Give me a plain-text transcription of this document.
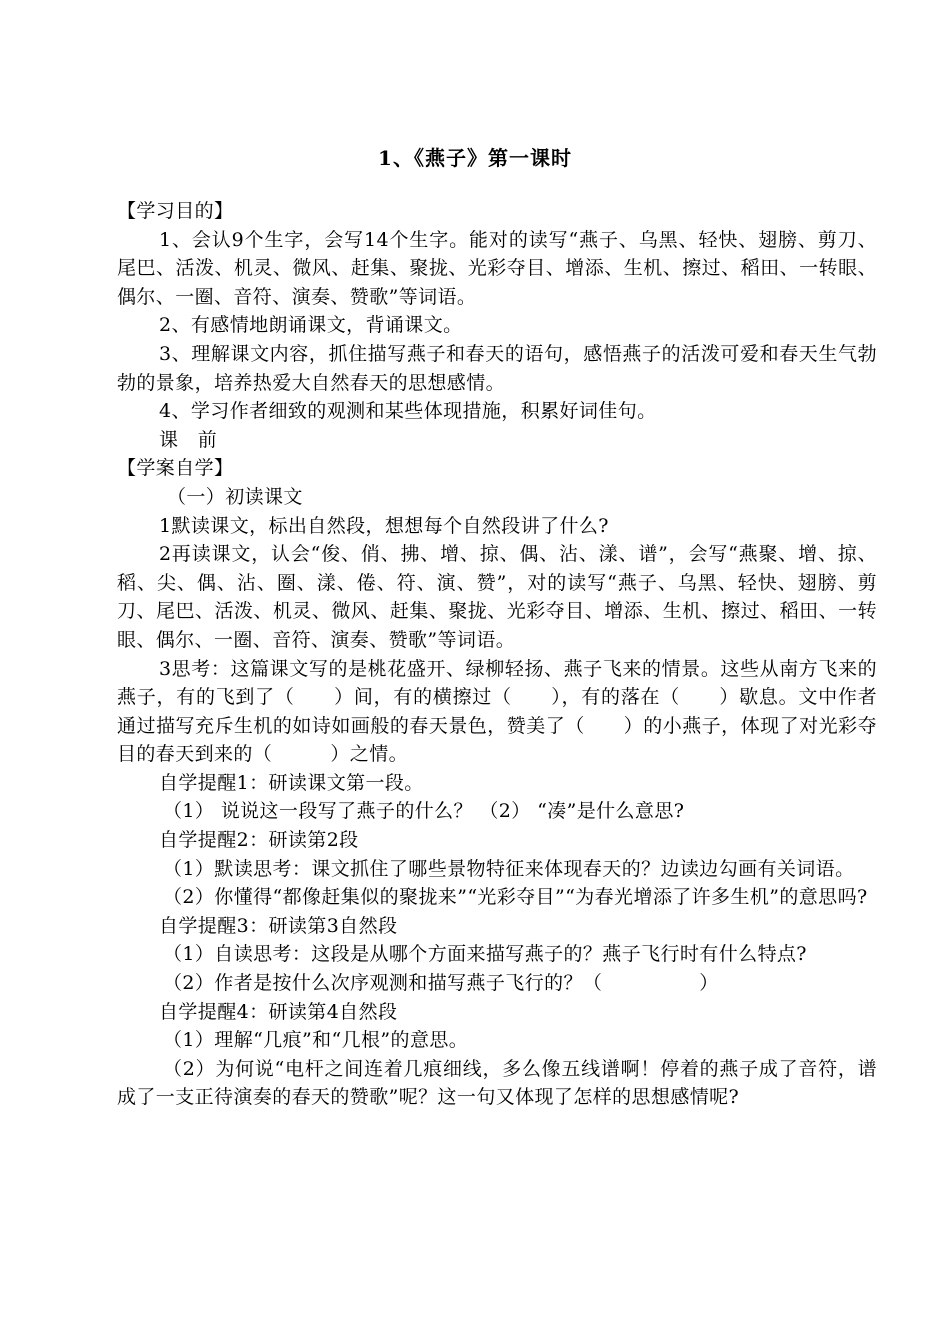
1、《燕子》第一课时

【学习目的】

1、会认9个生字，会写14个生字。能对的读写“燕子、乌黑、轻快、翅膀、剪刀、尾巴、活泼、机灵、微风、赶集、聚拢、光彩夺目、增添、生机、擦过、稻田、一转眼、偶尔、一圈、音符、演奏、赞歌”等词语。

2、有感情地朗诵课文，背诵课文。

3、理解课文内容，抓住描写燕子和春天的语句，感悟燕子的活泼可爱和春天生气勃勃的景象，培养热爱大自然春天的思想感情。

4、学习作者细致的观测和某些体现措施，积累好词佳句。

课　前

【学案自学】

（一）初读课文

1默读课文，标出自然段，想想每个自然段讲了什么?

2再读课文，认会“俊、俏、拂、增、掠、偶、沾、漾、谱”，会写“燕聚、增、掠、稻、尖、偶、沾、圈、漾、倦、符、演、赞”，对的读写“燕子、乌黑、轻快、翅膀、剪刀、尾巴、活泼、机灵、微风、赶集、聚拢、光彩夺目、增添、生机、擦过、稻田、一转眼、偶尔、一圈、音符、演奏、赞歌”等词语。

3思考：这篇课文写的是桃花盛开、绿柳轻扬、燕子飞来的情景。这些从南方飞来的燕子，有的飞到了（　　）间，有的横擦过（　　），有的落在（　　）歇息。文中作者通过描写充斥生机的如诗如画般的春天景色，赞美了（　　）的小燕子，体现了对光彩夺目的春天到来的（　　　）之情。

自学提醒1：研读课文第一段。

（1） 说说这一段写了燕子的什么？ （2） “凑”是什么意思?

自学提醒2：研读第2段

（1）默读思考：课文抓住了哪些景物特征来体现春天的？边读边勾画有关词语。

（2）你懂得“都像赶集似的聚拢来”“光彩夺目”“为春光增添了许多生机”的意思吗?

自学提醒3：研读第3自然段

（1）自读思考：这段是从哪个方面来描写燕子的？燕子飞行时有什么特点?

（2）作者是按什么次序观测和描写燕子飞行的？（　　　　　）

自学提醒4：研读第4自然段

（1）理解“几痕”和“几根”的意思。

（2）为何说“电杆之间连着几痕细线，多么像五线谱啊！停着的燕子成了音符，谱成了一支正待演奏的春天的赞歌”呢？这一句又体现了怎样的思想感情呢?
